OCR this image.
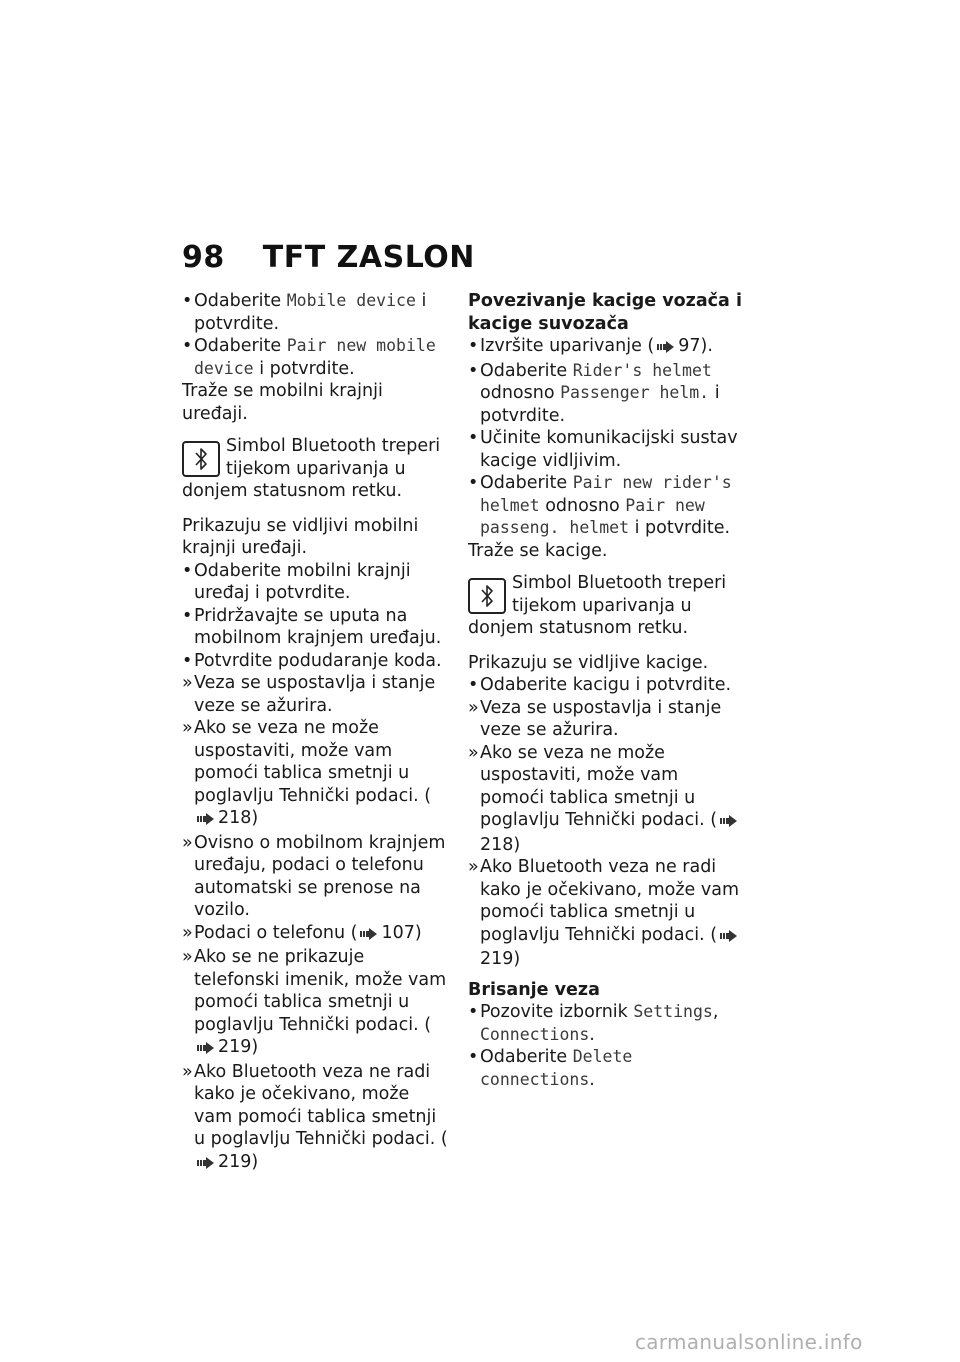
98 TFT ZASLON
• Odaberite Mobile device i potvrdite.
• Odaberite Pair new mobile device i potvrdite.
Traže se mobilni krajnji uređaji.
Simbol Bluetooth treperi tijekom uparivanja u donjem statusnom retku.
Prikazuju se vidljivi mobilni krajnji uređaji.
• Odaberite mobilni krajnji uređaj i potvrdite.
• Pridržavajte se uputa na mobilnom krajnjem uređaju.
• Potvrdite podudaranje koda.
» Veza se uspostavlja i stanje veze se ažurira.
» Ako se veza ne može uspostaviti, može vam pomoći tablica smetnji u poglavlju Tehnički podaci. (218)
» Ovisno o mobilnom krajnjem uređaju, podaci o telefonu automatski se prenose na vozilo.
» Podaci o telefonu ( 107)
» Ako se ne prikazuje telefonski imenik, može vam pomoći tablica smetnji u poglavlju Tehnički podaci. (219)
» Ako Bluetooth veza ne radi kako je očekivano, može vam pomoći tablica smetnji u poglavlju Tehnički podaci. (219)
Povezivanje kacige vozača i kacige suvozača
• Izvršite uparivanje ( 97).
• Odaberite Rider's helmet odnosno Passenger helm. i potvrdite.
• Učinite komunikacijski sustav kacige vidljivim.
• Odaberite Pair new rider's helmet odnosno Pair new passeng. helmet i potvrdite.
Traže se kacige.
Simbol Bluetooth treperi tijekom uparivanja u donjem statusnom retku.
Prikazuju se vidljive kacige.
• Odaberite kacigu i potvrdite.
» Veza se uspostavlja i stanje veze se ažurira.
» Ako se veza ne može uspostaviti, može vam pomoći tablica smetnji u poglavlju Tehnički podaci. (218)
» Ako Bluetooth veza ne radi kako je očekivano, može vam pomoći tablica smetnji u poglavlju Tehnički podaci. (219)
Brisanje veza
• Pozovite izbornik Settings, Connections.
• Odaberite Delete connections.
carmanualsonline.info
